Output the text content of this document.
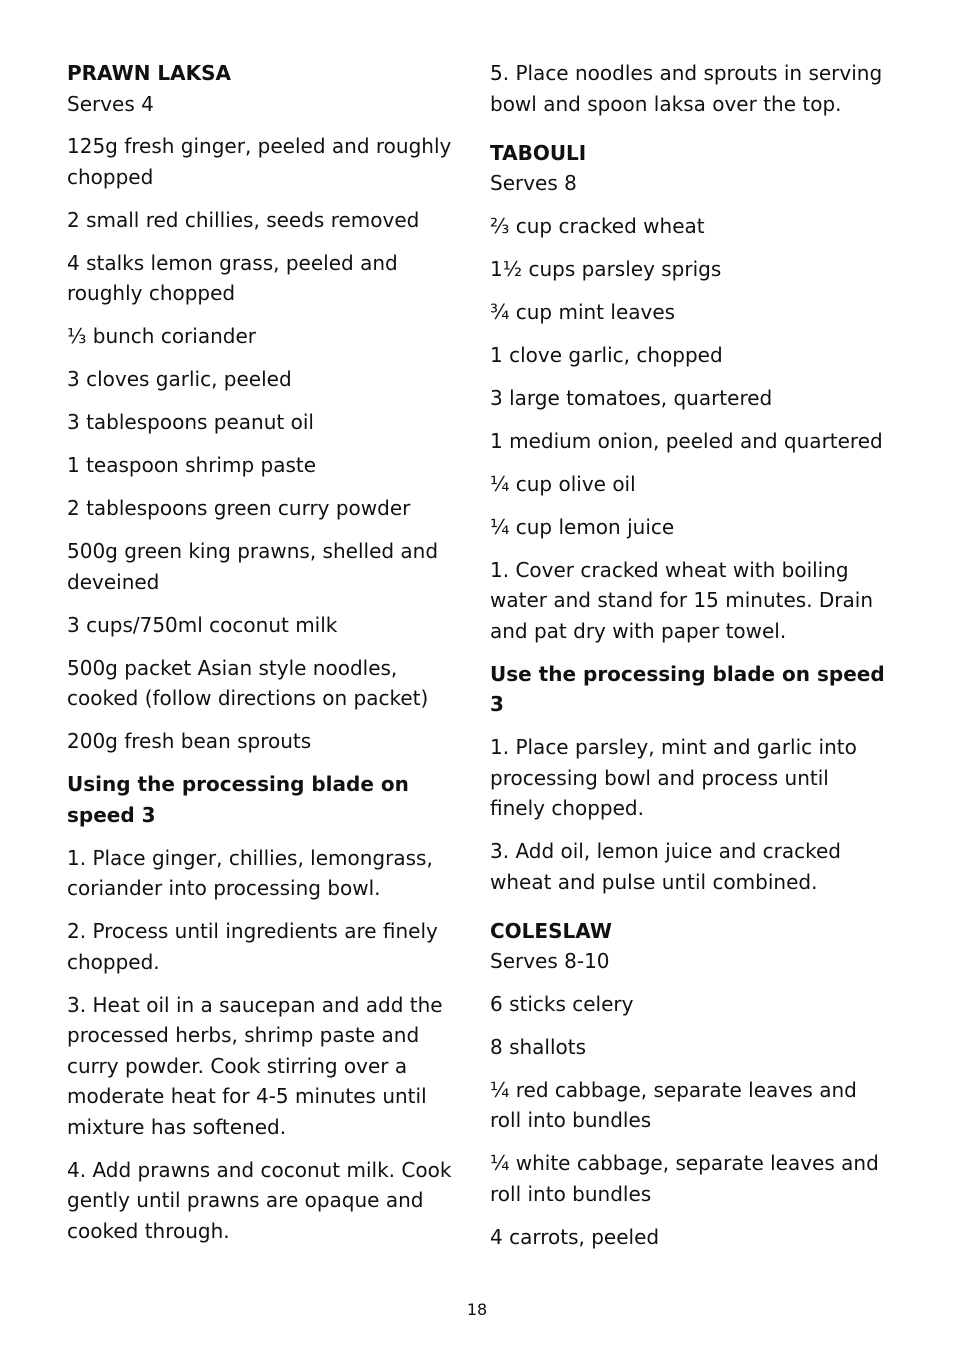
PRAWN LAKSA
Serves 4
125g fresh ginger, peeled and roughly chopped
2 small red chillies, seeds removed
4 stalks lemon grass, peeled and roughly chopped
⅓ bunch coriander
3 cloves garlic, peeled
3 tablespoons peanut oil
1 teaspoon shrimp paste
2 tablespoons green curry powder
500g green king prawns, shelled and deveined
3 cups/750ml coconut milk
500g packet Asian style noodles, cooked (follow directions on packet)
200g fresh bean sprouts
Using the processing blade on speed 3
1. Place ginger, chillies, lemongrass, coriander into processing bowl.
2. Process until ingredients are finely chopped.
3. Heat oil in a saucepan and add the processed herbs, shrimp paste and curry powder. Cook stirring over a moderate heat for 4-5 minutes until mixture has softened.
4. Add prawns and coconut milk. Cook gently until prawns are opaque and cooked through.
5. Place noodles and sprouts in serving bowl and spoon laksa over the top.
TABOULI
Serves 8
⅔ cup cracked wheat
1½ cups parsley sprigs
¾ cup mint leaves
1 clove garlic, chopped
3 large tomatoes, quartered
1 medium onion, peeled and quartered
¼ cup olive oil
¼ cup lemon juice
1. Cover cracked wheat with boiling water and stand for 15 minutes. Drain and pat dry with paper towel.
Use the processing blade on speed 3
1. Place parsley, mint and garlic into processing bowl and process until finely chopped.
3. Add oil, lemon juice and cracked wheat and pulse until combined.
COLESLAW
Serves 8-10
6 sticks celery
8 shallots
¼ red cabbage, separate leaves and roll into bundles
¼ white cabbage, separate leaves and roll into bundles
4 carrots, peeled
18
